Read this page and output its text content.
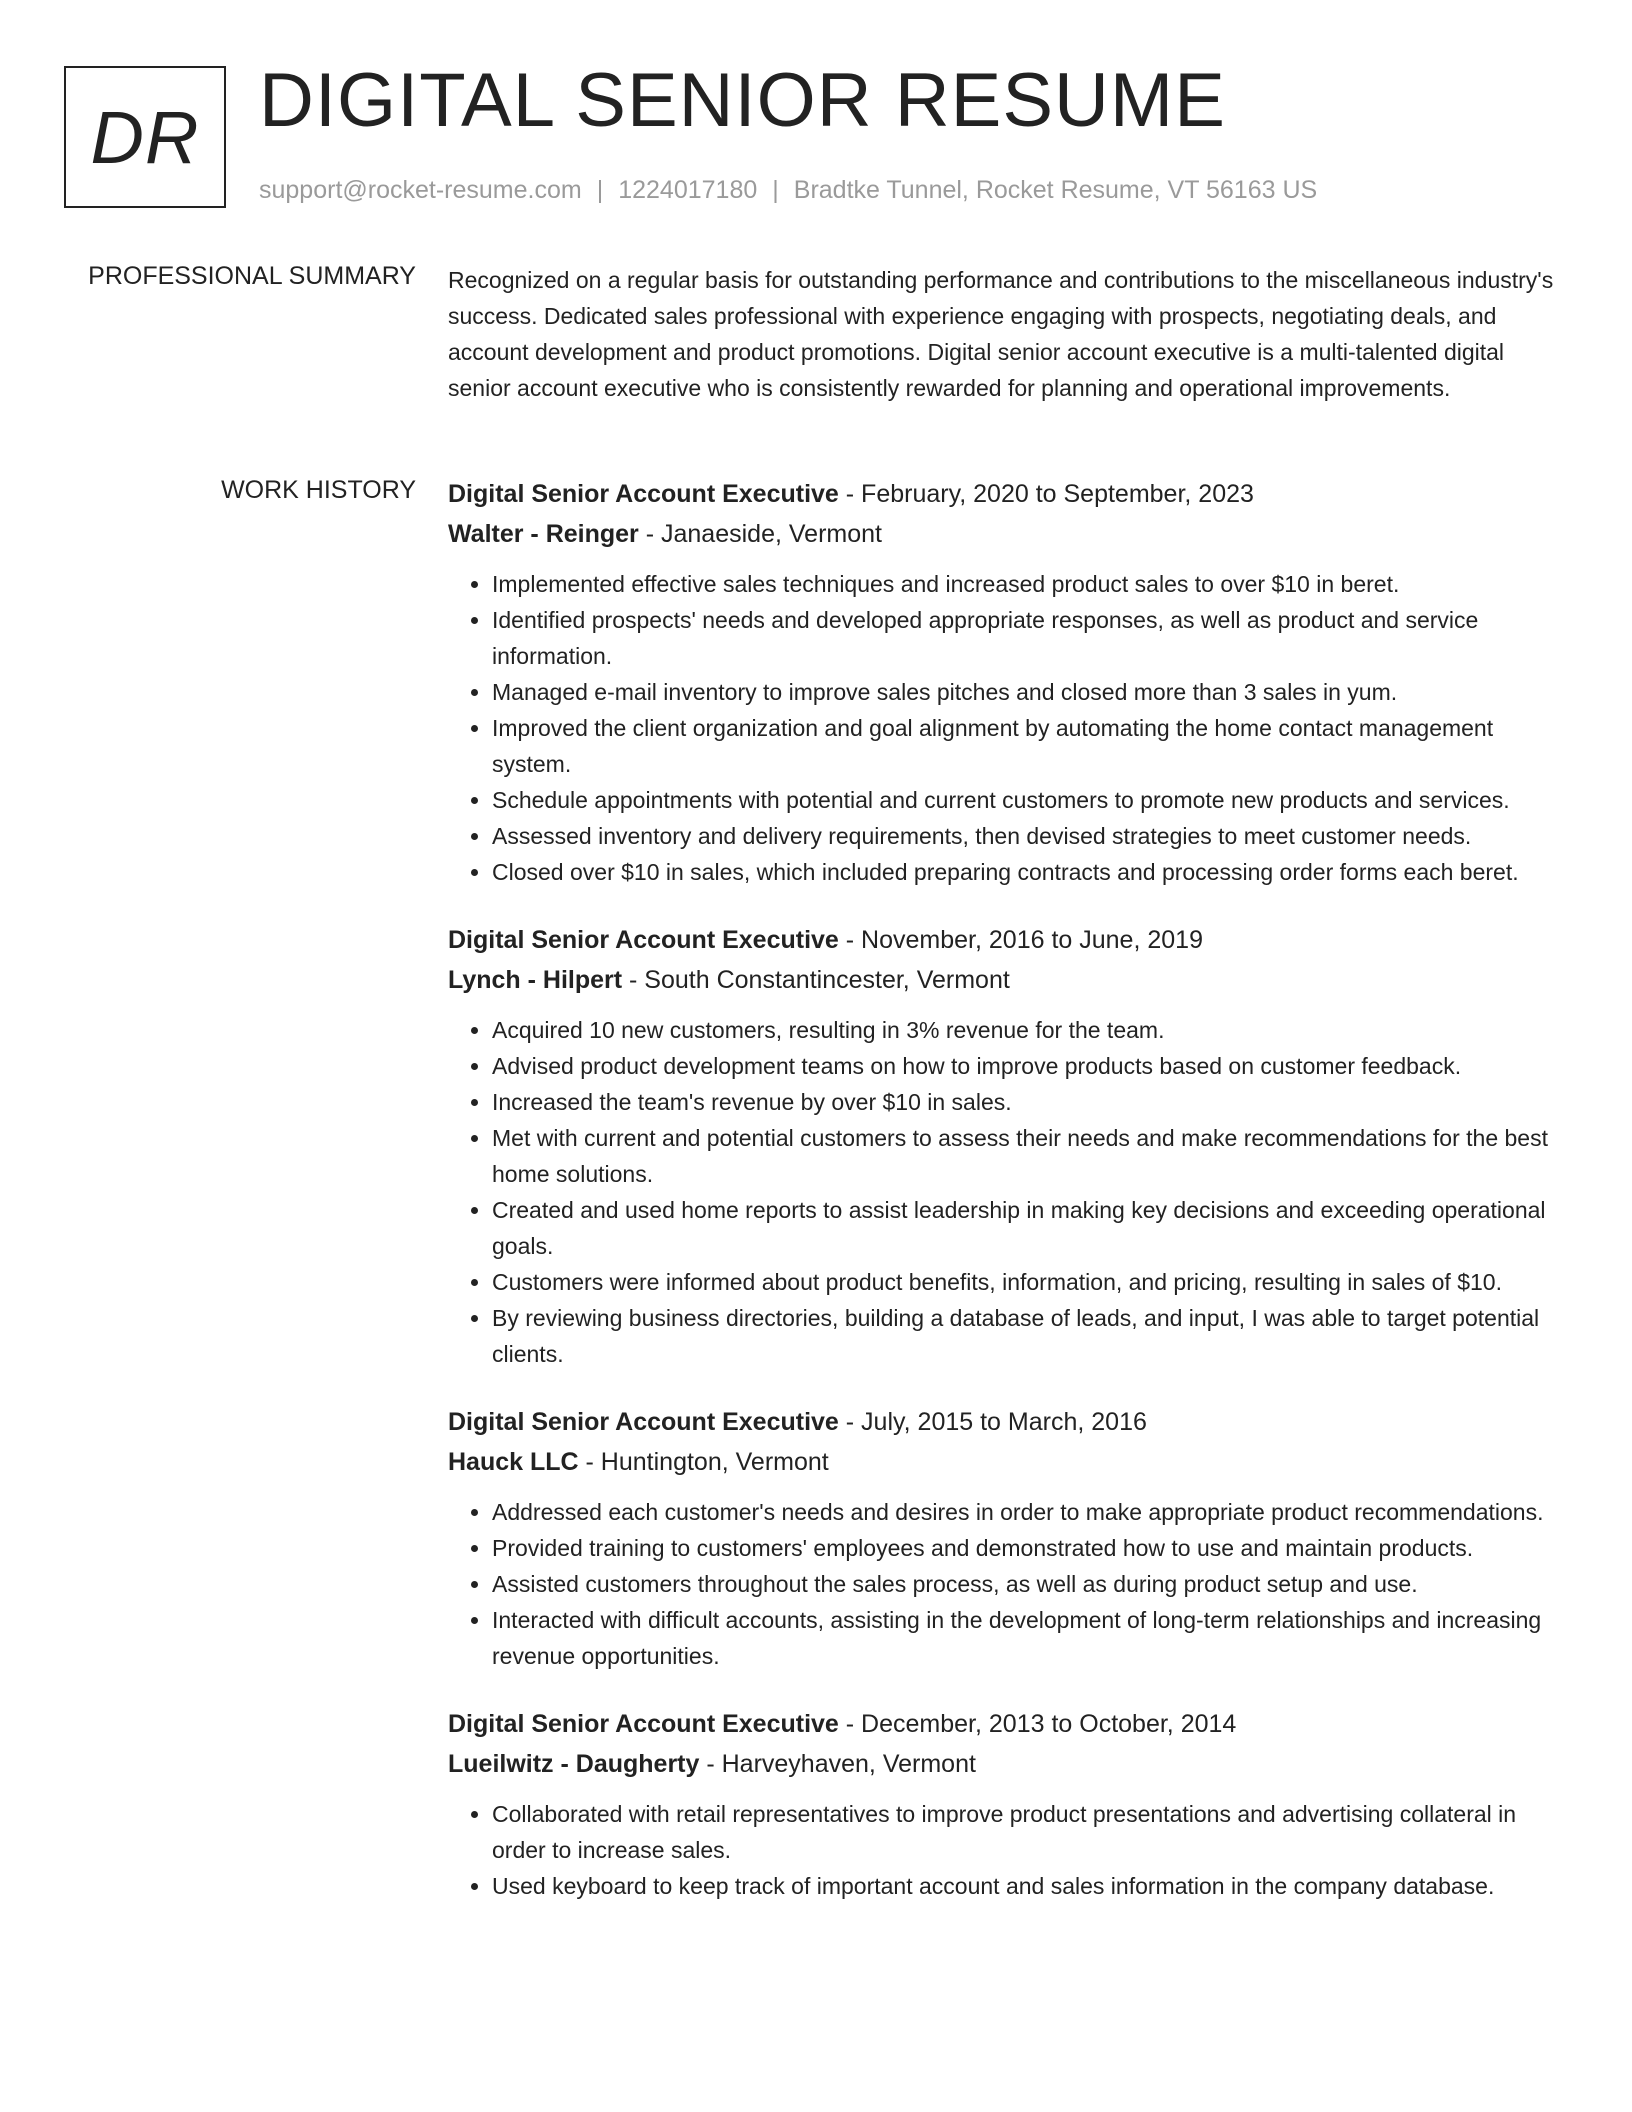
DR DIGITAL SENIOR RESUME
support@rocket-resume.com | 1224017180 | Bradtke Tunnel, Rocket Resume, VT 56163 US
PROFESSIONAL SUMMARY Recognized on a regular basis for outstanding performance and contributions to the miscellaneous industry's success. Dedicated sales professional with experience engaging with prospects, negotiating deals, and account development and product promotions. Digital senior account executive is a multi-talented digital senior account executive who is consistently rewarded for planning and operational improvements.

WORK HISTORY Digital Senior Account Executive - February, 2020 to September, 2023
Walter - Reinger - Janaeside, Vermont
• Implemented effective sales techniques and increased product sales to over $10 in beret.
• Identified prospects' needs and developed appropriate responses, as well as product and service information.
• Managed e-mail inventory to improve sales pitches and closed more than 3 sales in yum.
• Improved the client organization and goal alignment by automating the home contact management system.
• Schedule appointments with potential and current customers to promote new products and services.
• Assessed inventory and delivery requirements, then devised strategies to meet customer needs.
• Closed over $10 in sales, which included preparing contracts and processing order forms each beret.
Digital Senior Account Executive - November, 2016 to June, 2019
Lynch - Hilpert - South Constantincester, Vermont
• Acquired 10 new customers, resulting in 3% revenue for the team.
• Advised product development teams on how to improve products based on customer feedback.
• Increased the team's revenue by over $10 in sales.
• Met with current and potential customers to assess their needs and make recommendations for the best home solutions.
• Created and used home reports to assist leadership in making key decisions and exceeding operational goals.
• Customers were informed about product benefits, information, and pricing, resulting in sales of $10.
• By reviewing business directories, building a database of leads, and input, I was able to target potential clients.
Digital Senior Account Executive - July, 2015 to March, 2016
Hauck LLC - Huntington, Vermont
• Addressed each customer's needs and desires in order to make appropriate product recommendations.
• Provided training to customers' employees and demonstrated how to use and maintain products.
• Assisted customers throughout the sales process, as well as during product setup and use.
• Interacted with difficult accounts, assisting in the development of long-term relationships and increasing revenue opportunities.
Digital Senior Account Executive - December, 2013 to October, 2014
Lueilwitz - Daugherty - Harveyhaven, Vermont
• Collaborated with retail representatives to improve product presentations and advertising collateral in order to increase sales.
• Used keyboard to keep track of important account and sales information in the company database.
